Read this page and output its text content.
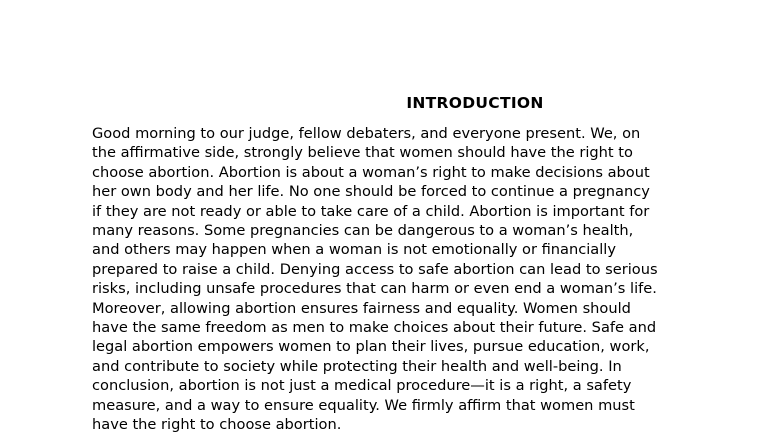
INTRODUCTION

Good morning to our judge, fellow debaters, and everyone present. We, on
the affirmative side, strongly believe that women should have the right to
choose abortion. Abortion is about a woman’s right to make decisions about
her own body and her life. No one should be forced to continue a pregnancy
if they are not ready or able to take care of a child. Abortion is important for
many reasons. Some pregnancies can be dangerous to a woman’s health,
and others may happen when a woman is not emotionally or financially
prepared to raise a child. Denying access to safe abortion can lead to serious
risks, including unsafe procedures that can harm or even end a woman’s life.
Moreover, allowing abortion ensures fairness and equality. Women should
have the same freedom as men to make choices about their future. Safe and
legal abortion empowers women to plan their lives, pursue education, work,
and contribute to society while protecting their health and well-being. In
conclusion, abortion is not just a medical procedure—it is a right, a safety
measure, and a way to ensure equality. We firmly affirm that women must
have the right to choose abortion.
